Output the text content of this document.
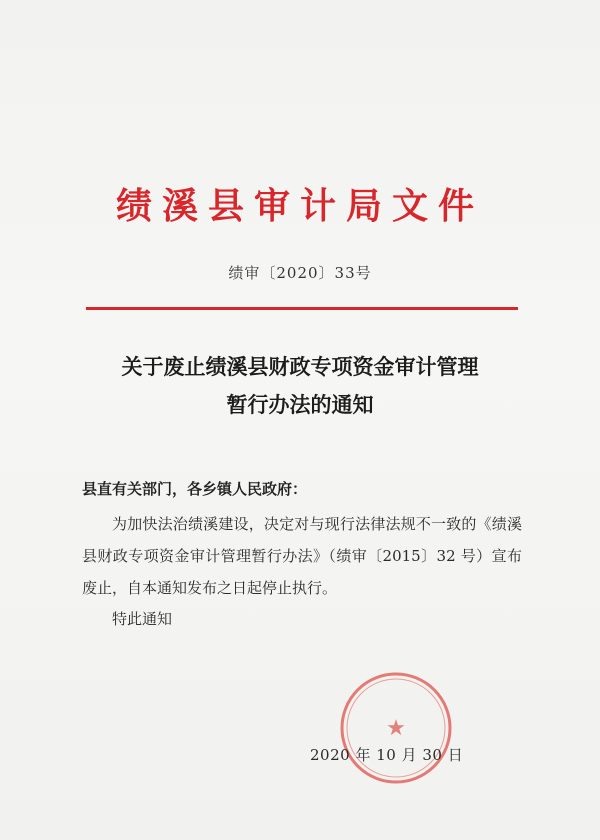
绩溪县审计局文件
绩审〔2020〕33号
关于废止绩溪县财政专项资金审计管理
暂行办法的通知
县直有关部门，各乡镇人民政府：
为加快法治绩溪建设，决定对与现行法律法规不一致的《绩溪县财政专项资金审计管理暂行办法》（绩审〔2015〕32 号）宣布废止，自本通知发布之日起停止执行。
特此通知
★
2020 年 10 月 30 日
